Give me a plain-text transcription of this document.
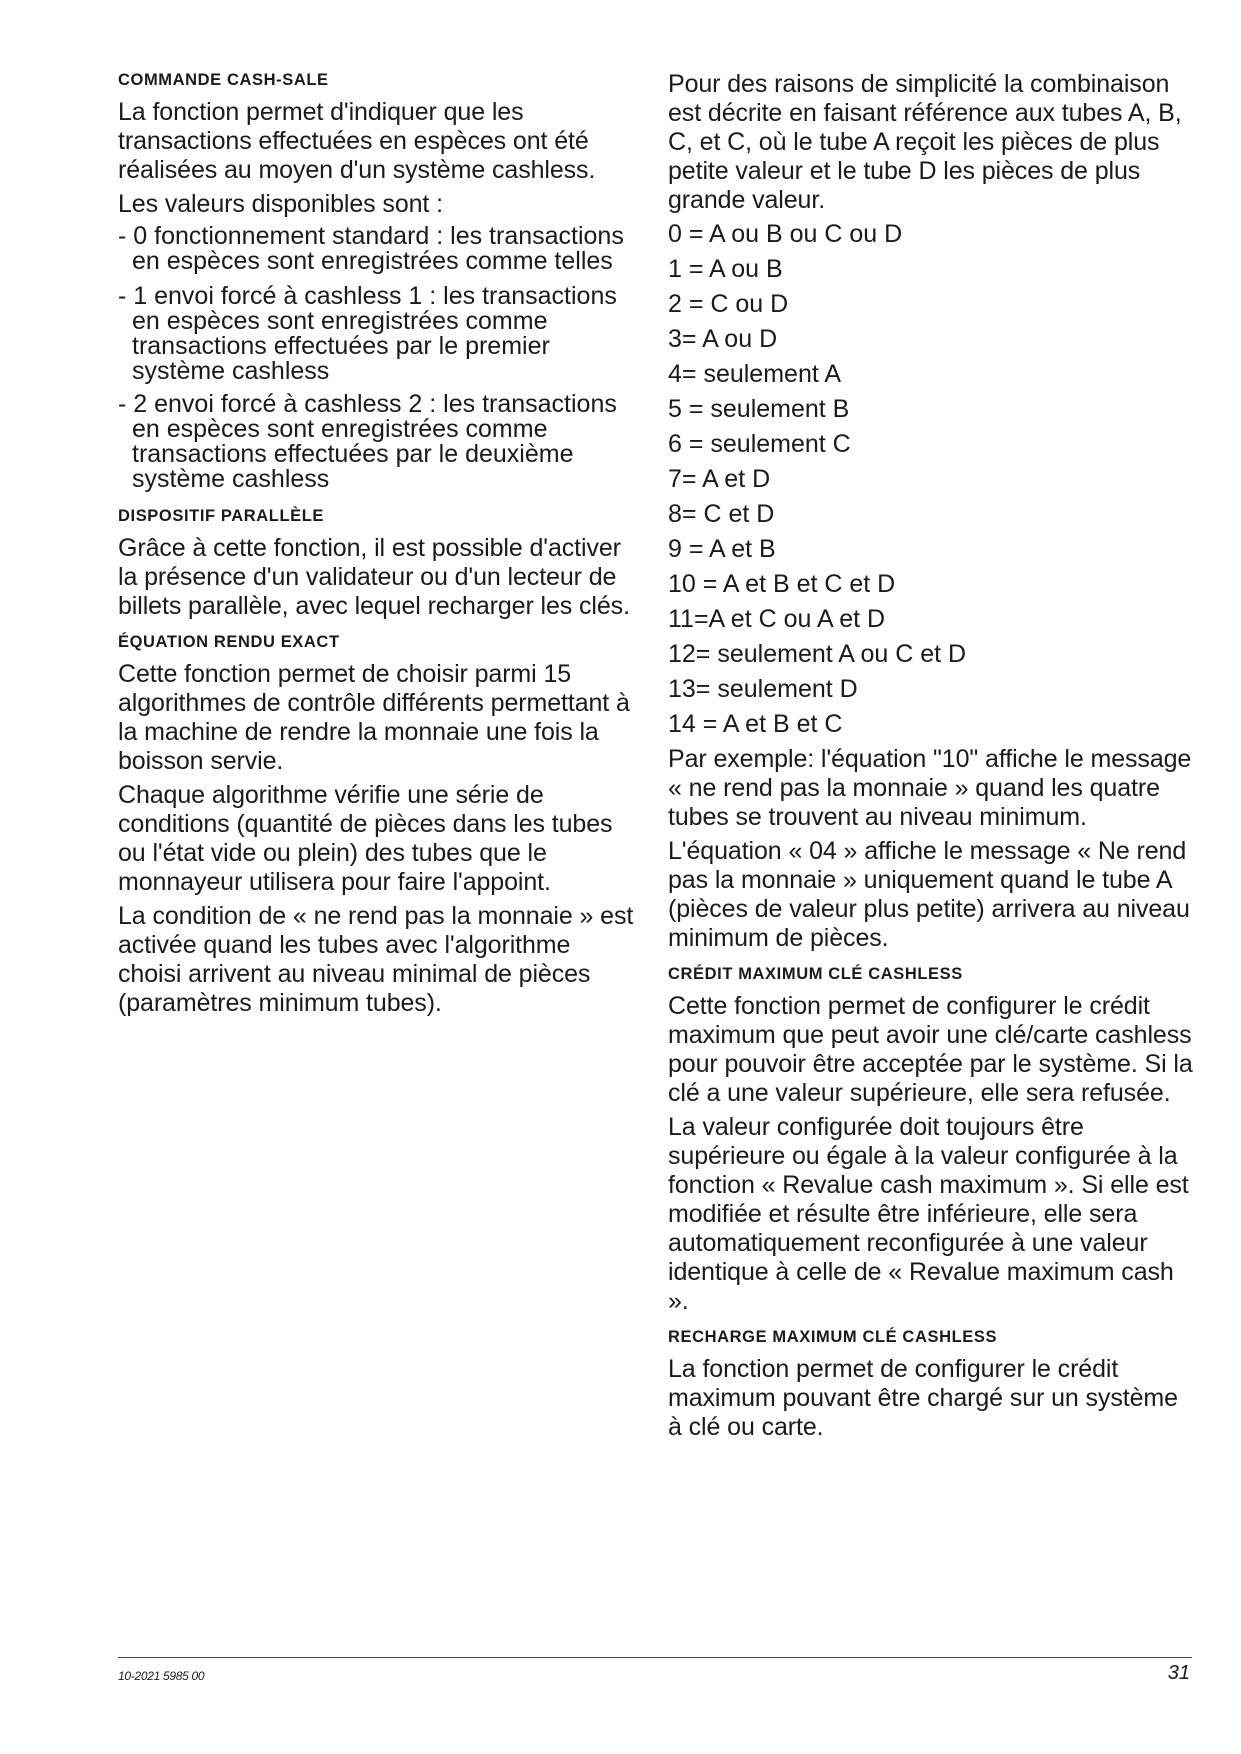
COMMANDE CASH-SALE

La fonction permet d'indiquer que les transactions effectuées en espèces ont été réalisées au moyen d'un système cashless.

Les valeurs disponibles sont :

- 0 fonctionnement standard : les transactions en espèces sont enregistrées comme telles
- 1 envoi forcé à cashless 1 : les transactions en espèces sont enregistrées comme transactions effectuées par le premier système cashless
- 2 envoi forcé à cashless 2 : les transactions en espèces sont enregistrées comme transactions effectuées par le deuxième système cashless
DISPOSITIF PARALLÈLE

Grâce à cette fonction, il est possible d'activer la présence d'un validateur ou d'un lecteur de billets parallèle, avec lequel recharger les clés.

ÉQUATION RENDU EXACT

Cette fonction permet de choisir parmi 15 algorithmes de contrôle différents permettant à la machine de rendre la monnaie une fois la boisson servie.

Chaque algorithme vérifie une série de conditions (quantité de pièces dans les tubes ou l'état vide ou plein) des tubes que le monnayeur utilisera pour faire l'appoint.

La condition de « ne rend pas la monnaie » est activée quand les tubes avec l'algorithme choisi arrivent au niveau minimal de pièces (paramètres minimum tubes).

Pour des raisons de simplicité la combinaison est décrite en faisant référence aux tubes A, B, C, et C, où le tube A reçoit les pièces de plus petite valeur et le tube D les pièces de plus grande valeur.

0 = A ou B ou C ou D
1 = A ou B
2 = C ou D
3= A ou D
4= seulement A
5 = seulement B
6 = seulement C
7= A et D
8= C et D
9 = A et B
10 = A et B et C et D
11=A et C ou A et D
12= seulement A ou C et D
13= seulement D
14 = A et B et C

Par exemple: l'équation "10" affiche le message « ne rend pas la monnaie » quand les quatre tubes se trouvent au niveau minimum.

L'équation « 04 » affiche le message « Ne rend pas la monnaie » uniquement quand le tube A (pièces de valeur plus petite) arrivera au niveau minimum de pièces.

CRÉDIT MAXIMUM CLÉ CASHLESS

Cette fonction permet de configurer le crédit maximum que peut avoir une clé/carte cashless pour pouvoir être acceptée par le système. Si la clé a une valeur supérieure, elle sera refusée.

La valeur configurée doit toujours être supérieure ou égale à la valeur configurée à la fonction « Revalue cash maximum ». Si elle est modifiée et résulte être inférieure, elle sera automatiquement reconfigurée à une valeur identique à celle de « Revalue maximum cash ».

RECHARGE MAXIMUM CLÉ CASHLESS

La fonction permet de configurer le crédit maximum pouvant être chargé sur un système à clé ou carte.

10-2021 5985 00	31
